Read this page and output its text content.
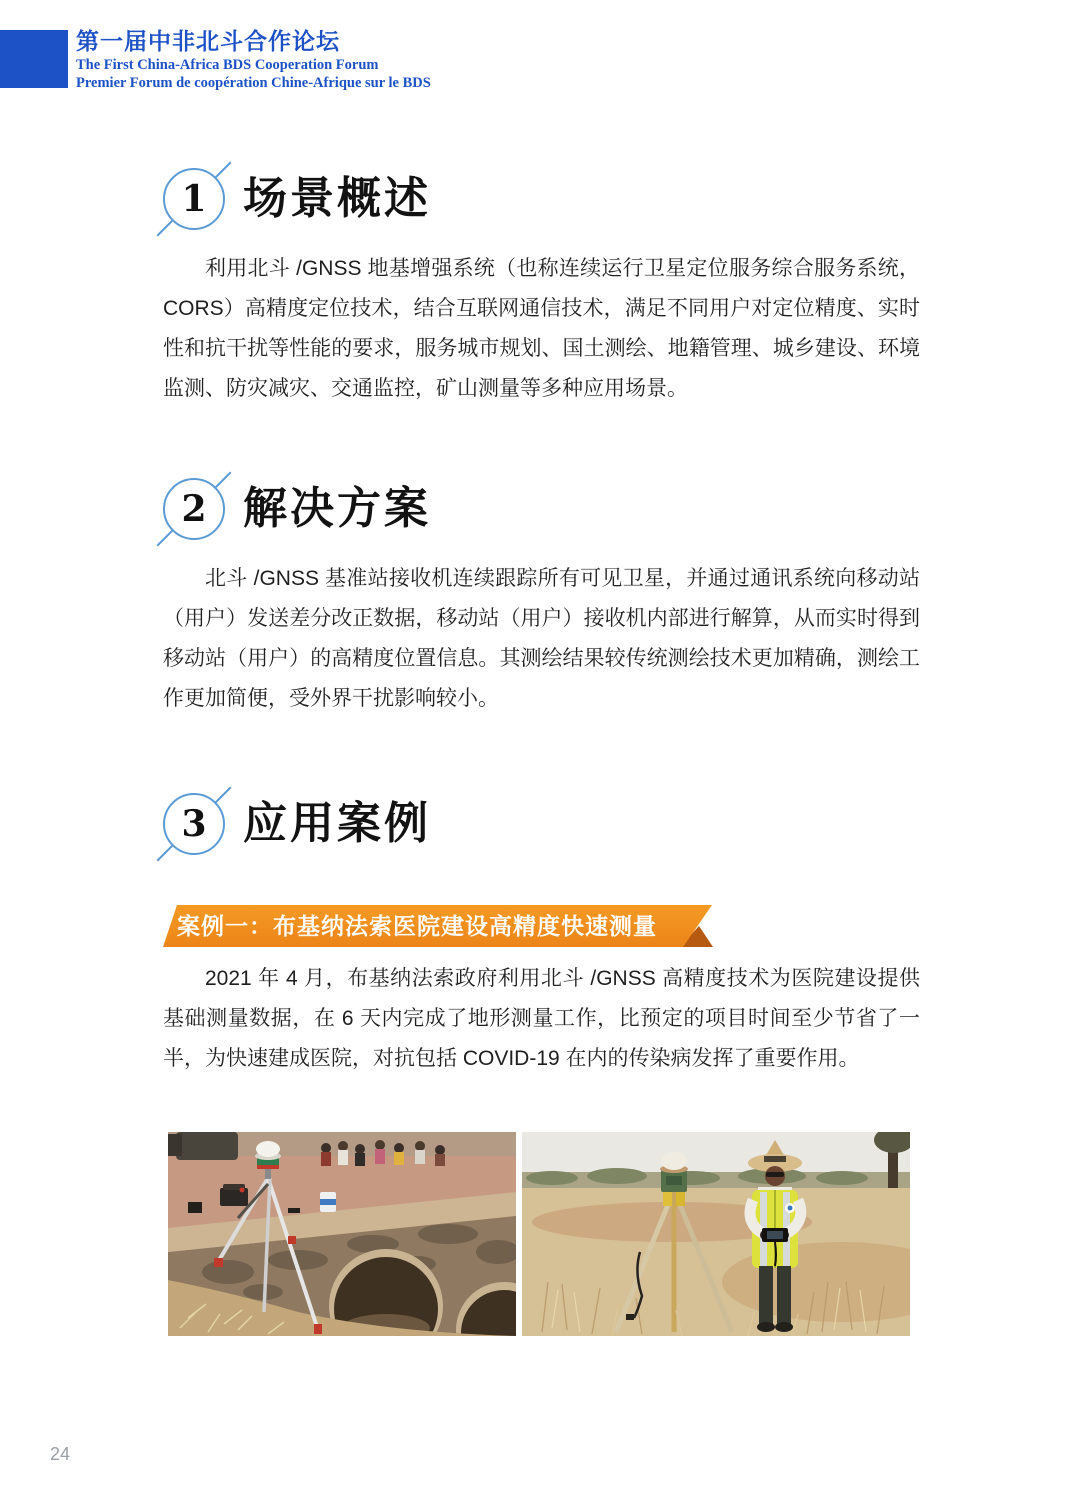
第一届中非北斗合作论坛
The First China-Africa BDS Cooperation Forum
Premier Forum de coopération Chine-Afrique sur le BDS
1 场景概述

利用北斗 /GNSS 地基增强系统（也称连续运行卫星定位服务综合服务系统，CORS）高精度定位技术，结合互联网通信技术，满足不同用户对定位精度、实时性和抗干扰等性能的要求，服务城市规划、国土测绘、地籍管理、城乡建设、环境监测、防灾减灾、交通监控，矿山测量等多种应用场景。

2 解决方案

北斗 /GNSS 基准站接收机连续跟踪所有可见卫星，并通过通讯系统向移动站（用户）发送差分改正数据，移动站（用户）接收机内部进行解算，从而实时得到移动站（用户）的高精度位置信息。其测绘结果较传统测绘技术更加精确，测绘工作更加简便，受外界干扰影响较小。

3 应用案例
案例一：布基纳法索医院建设高精度快速测量

2021 年 4 月，布基纳法索政府利用北斗 /GNSS 高精度技术为医院建设提供基础测量数据，在 6 天内完成了地形测量工作，比预定的项目时间至少节省了一半，为快速建成医院，对抗包括 COVID-19 在内的传染病发挥了重要作用。

24
